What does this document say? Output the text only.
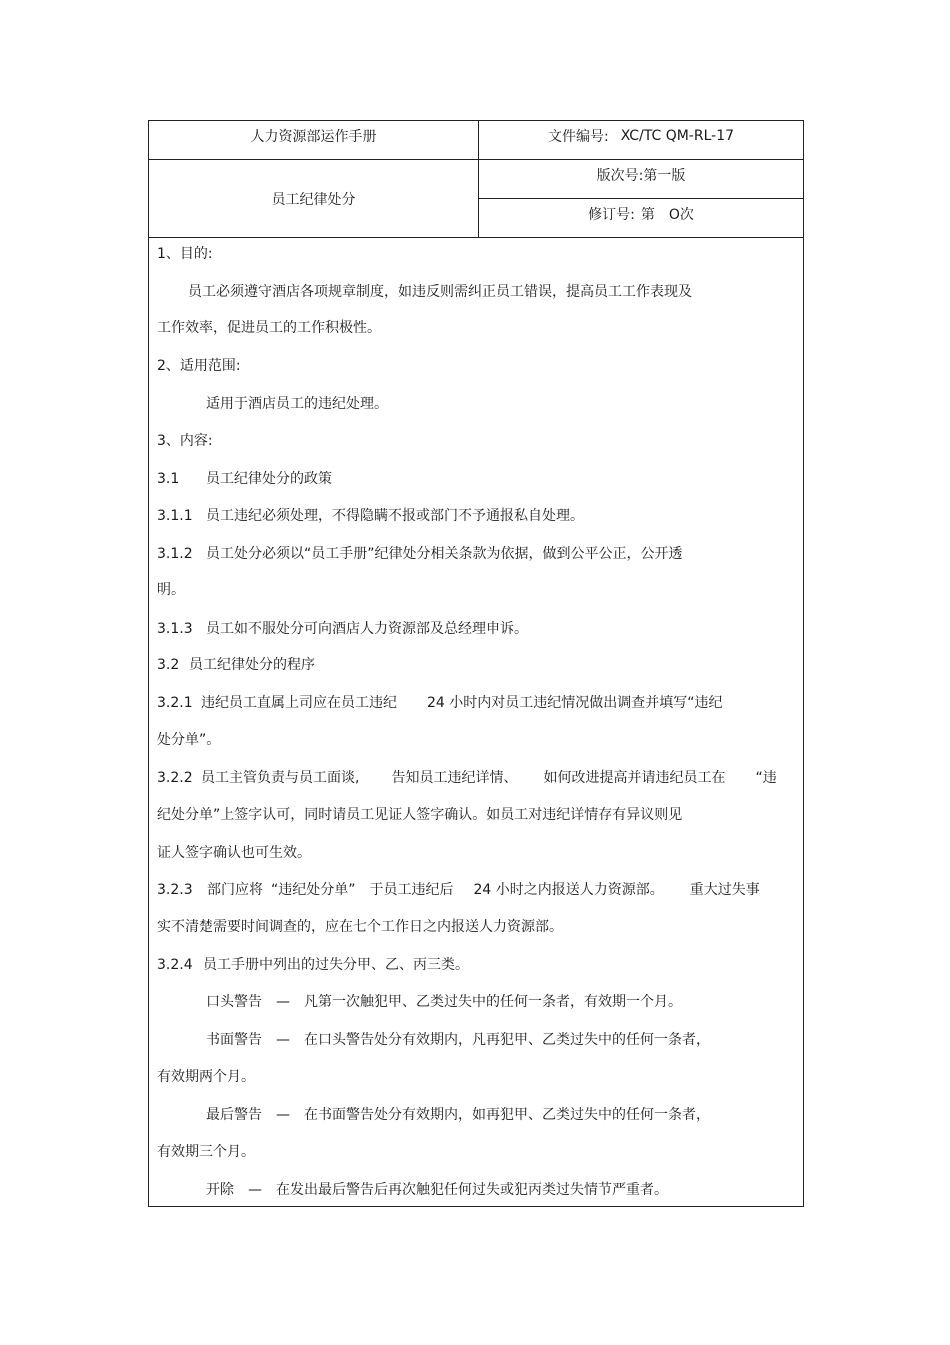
人力资源部运作手册	文件编号: XC/TC QM-RL-17
员工纪律处分
版次号: 第一版
修订号: 第　O次
1、目的:
员工必须遵守酒店各项规章制度，如违反则需纠正员工错误，提高员工工作表现及
工作效率，促进员工的工作积极性。
2、适用范围:
适用于酒店员工的违纪处理。
3、内容:
3.1 员工纪律处分的政策
3.1.1 员工违纪必须处理，不得隐瞒不报或部门不予通报私自处理。
3.1.2 员工处分必须以“员工手册”纪律处分相关条款为依据，做到公平公正，公开透
明。
3.1.3 员工如不服处分可向酒店人力资源部及总经理申诉。
3.2 员工纪律处分的程序
3.2.1 违纪员工直属上司应在员工违纪 24 小时内对员工违纪情况做出调查并填写“违纪
处分单”。
3.2.2 员工主管负责与员工面谈, 告知员工违纪详情、 如何改进提高并请违纪员工在 “违
纪处分单”上签字认可，同时请员工见证人签字确认。如员工对违纪详情存有异议则见
证人签字确认也可生效。
3.2.3 部门应将 “违纪处分单” 于员工违纪后 24 小时之内报送人力资源部。 重大过失事
实不清楚需要时间调查的，应在七个工作日之内报送人力资源部。
3.2.4 员工手册中列出的过失分甲、乙、丙三类。
口头警告 — 凡第一次触犯甲、乙类过失中的任何一条者，有效期一个月。
书面警告 — 在口头警告处分有效期内，凡再犯甲、乙类过失中的任何一条者，
有效期两个月。
最后警告 — 在书面警告处分有效期内，如再犯甲、乙类过失中的任何一条者，
有效期三个月。
开除 — 在发出最后警告后再次触犯任何过失或犯丙类过失情节严重者。
